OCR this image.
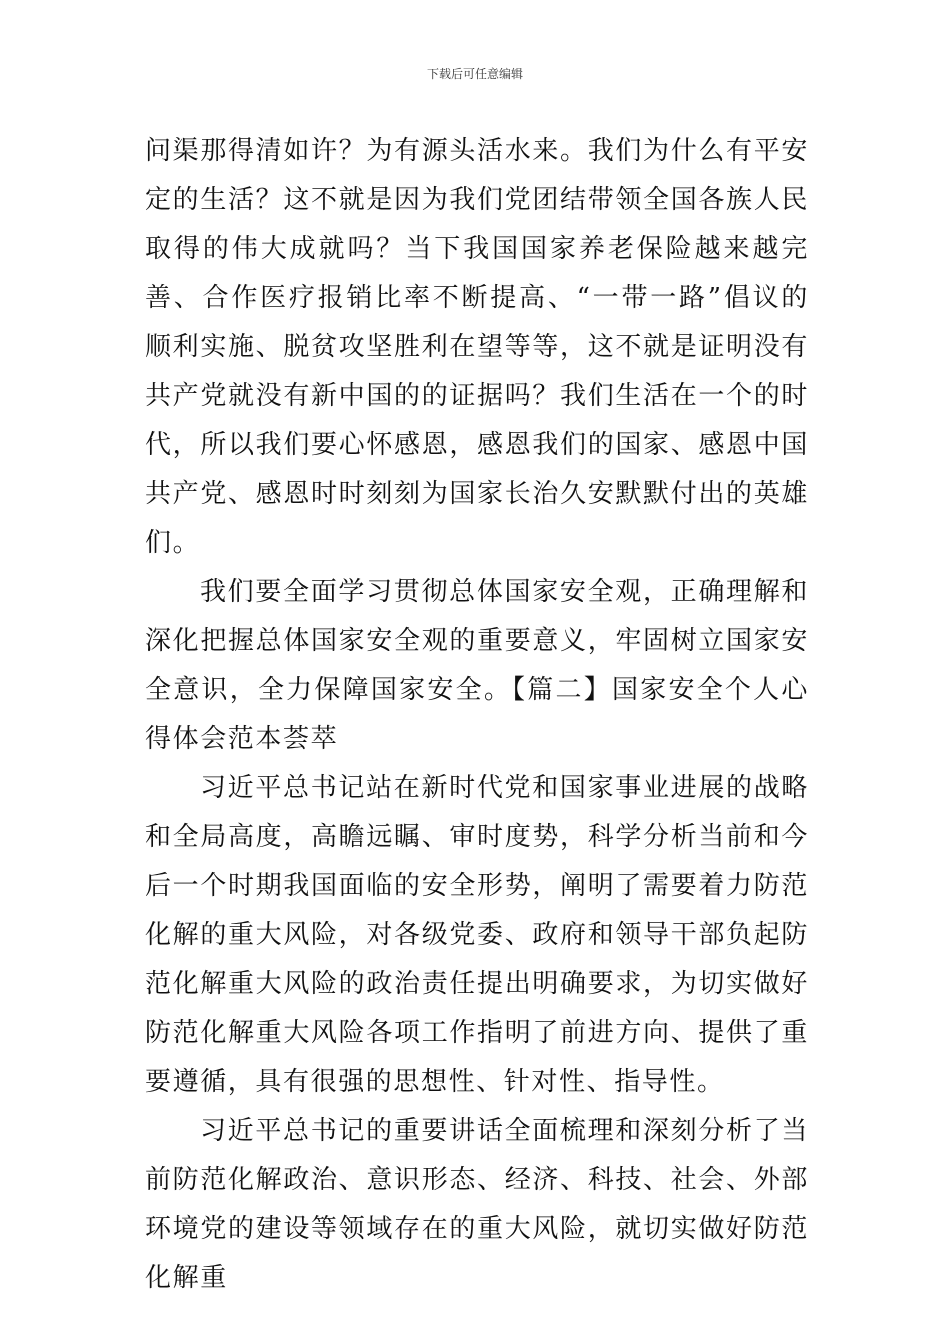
下载后可任意编辑

问渠那得清如许？为有源头活水来。我们为什么有平安定的生活？这不就是因为我们党团结带领全国各族人民取得的伟大成就吗？当下我国国家养老保险越来越完善、合作医疗报销比率不断提高、“一带一路”倡议的顺利实施、脱贫攻坚胜利在望等等，这不就是证明没有共产党就没有新中国的的证据吗？我们生活在一个的时代，所以我们要心怀感恩，感恩我们的国家、感恩中国共产党、感恩时时刻刻为国家长治久安默默付出的英雄们。

我们要全面学习贯彻总体国家安全观，正确理解和深化把握总体国家安全观的重要意义，牢固树立国家安全意识，全力保障国家安全。【篇二】国家安全个人心得体会范本荟萃

习近平总书记站在新时代党和国家事业进展的战略和全局高度，高瞻远瞩、审时度势，科学分析当前和今后一个时期我国面临的安全形势，阐明了需要着力防范化解的重大风险，对各级党委、政府和领导干部负起防范化解重大风险的政治责任提出明确要求，为切实做好防范化解重大风险各项工作指明了前进方向、提供了重要遵循，具有很强的思想性、针对性、指导性。

习近平总书记的重要讲话全面梳理和深刻分析了当前防范化解政治、意识形态、经济、科技、社会、外部环境党的建设等领域存在的重大风险，就切实做好防范化解重
